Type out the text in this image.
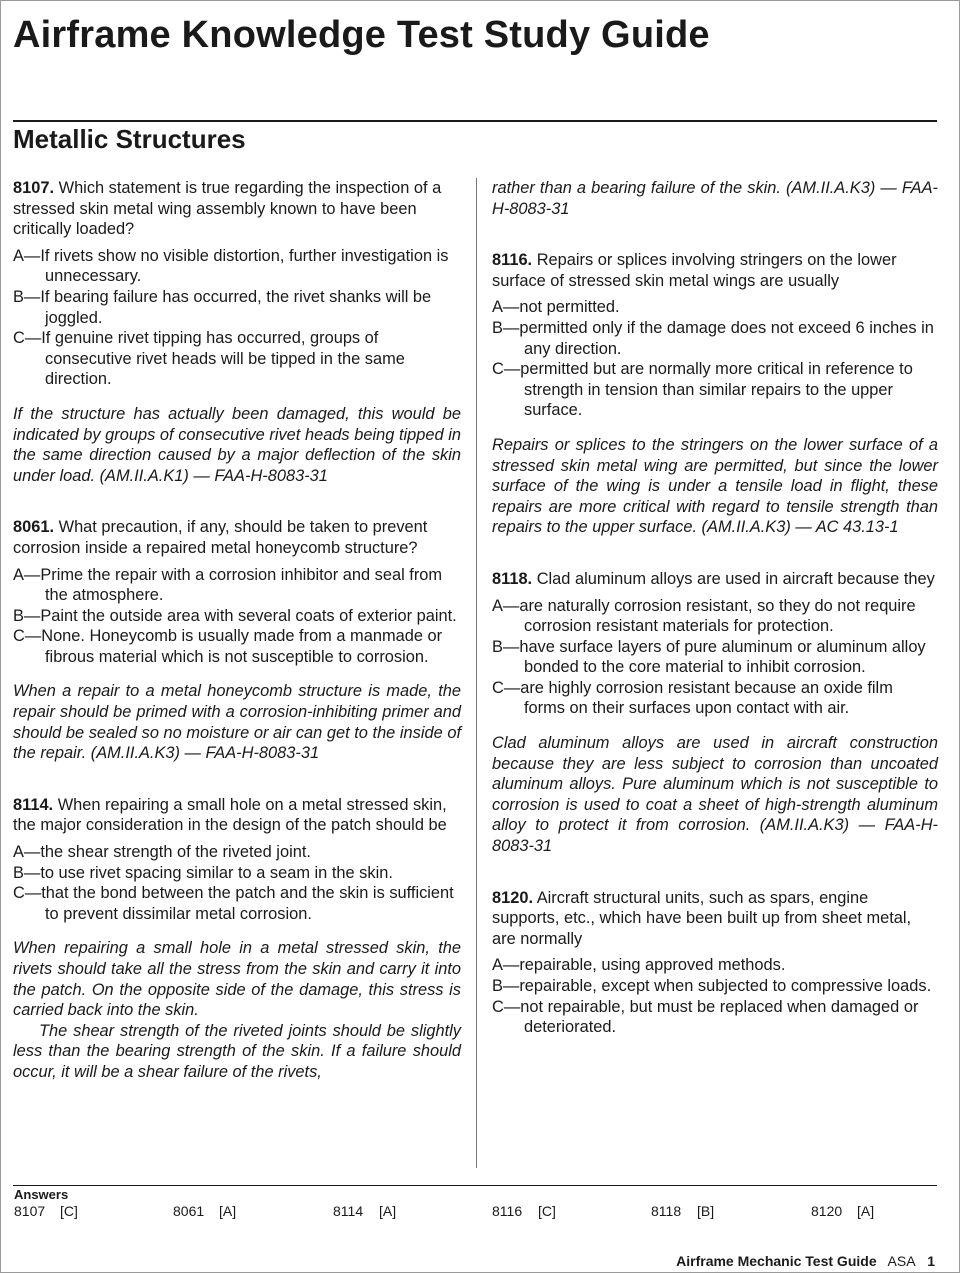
Airframe Knowledge Test Study Guide
Metallic Structures

8107. Which statement is true regarding the inspection of a stressed skin metal wing assembly known to have been critically loaded?

A—If rivets show no visible distortion, further investigation is unnecessary.
B—If bearing failure has occurred, the rivet shanks will be joggled.
C—If genuine rivet tipping has occurred, groups of consecutive rivet heads will be tipped in the same direction.

If the structure has actually been damaged, this would be indicated by groups of consecutive rivet heads being tipped in the same direction caused by a major deflection of the skin under load. (AM.II.A.K1) — FAA-H-8083-31

8061. What precaution, if any, should be taken to prevent corrosion inside a repaired metal honeycomb structure?

A—Prime the repair with a corrosion inhibitor and seal from the atmosphere.
B—Paint the outside area with several coats of exterior paint.
C—None. Honeycomb is usually made from a manmade or fibrous material which is not susceptible to corrosion.

When a repair to a metal honeycomb structure is made, the repair should be primed with a corrosion-inhibiting primer and should be sealed so no moisture or air can get to the inside of the repair. (AM.II.A.K3) — FAA-H-8083-31

8114. When repairing a small hole on a metal stressed skin, the major consideration in the design of the patch should be

A—the shear strength of the riveted joint.
B—to use rivet spacing similar to a seam in the skin.
C—that the bond between the patch and the skin is sufficient to prevent dissimilar metal corrosion.

When repairing a small hole in a metal stressed skin, the rivets should take all the stress from the skin and carry it into the patch. On the opposite side of the damage, this stress is carried back into the skin.

The shear strength of the riveted joints should be slightly less than the bearing strength of the skin. If a failure should occur, it will be a shear failure of the rivets,

rather than a bearing failure of the skin. (AM.II.A.K3) — FAA-H-8083-31

8116. Repairs or splices involving stringers on the lower surface of stressed skin metal wings are usually

A—not permitted.
B—permitted only if the damage does not exceed 6 inches in any direction.
C—permitted but are normally more critical in reference to strength in tension than similar repairs to the upper surface.

Repairs or splices to the stringers on the lower surface of a stressed skin metal wing are permitted, but since the lower surface of the wing is under a tensile load in flight, these repairs are more critical with regard to tensile strength than repairs to the upper surface. (AM.II.A.K3) — AC 43.13-1

8118. Clad aluminum alloys are used in aircraft because they

A—are naturally corrosion resistant, so they do not require corrosion resistant materials for protection.
B—have surface layers of pure aluminum or aluminum alloy bonded to the core material to inhibit corrosion.
C—are highly corrosion resistant because an oxide film forms on their surfaces upon contact with air.

Clad aluminum alloys are used in aircraft construction because they are less subject to corrosion than uncoated aluminum alloys. Pure aluminum which is not susceptible to corrosion is used to coat a sheet of high-strength aluminum alloy to protect it from corrosion. (AM.II.A.K3) — FAA-H-8083-31

8120. Aircraft structural units, such as spars, engine supports, etc., which have been built up from sheet metal, are normally

A—repairable, using approved methods.
B—repairable, except when subjected to compressive loads.
C—not repairable, but must be replaced when damaged or deteriorated.
Answers
8107 [C]	8061 [A]	8114 [A]	8116 [C]	8118 [B]	8120 [A]
Airframe Mechanic Test Guide ASA 1
